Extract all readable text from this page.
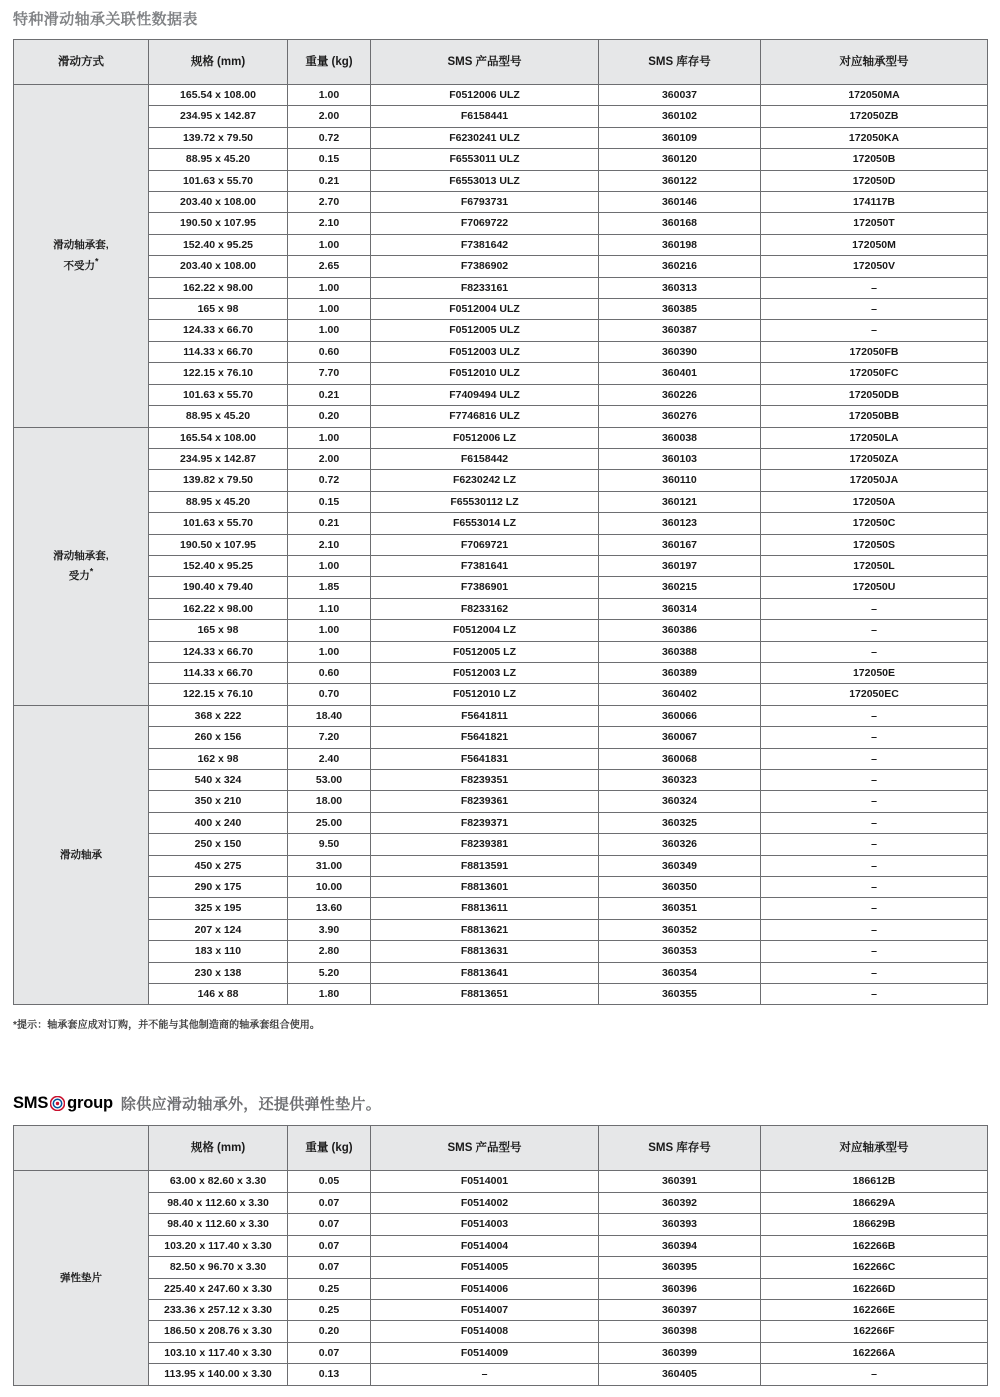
特种滑动轴承关联性数据表
滑动方式	规格 (mm)	重量 (kg)	SMS 产品型号	SMS 库存号	对应轴承型号
滑动轴承套,
不受力*	165.54 x 108.00	1.00	F0512006 ULZ	360037	172050MA
	234.95 x 142.87	2.00	F6158441	360102	172050ZB
	139.72 x 79.50	0.72	F6230241 ULZ	360109	172050KA
	88.95 x 45.20	0.15	F6553011 ULZ	360120	172050B
	101.63 x 55.70	0.21	F6553013 ULZ	360122	172050D
	203.40 x 108.00	2.70	F6793731	360146	174117B
	190.50 x 107.95	2.10	F7069722	360168	172050T
	152.40 x 95.25	1.00	F7381642	360198	172050M
	203.40 x 108.00	2.65	F7386902	360216	172050V
	162.22 x 98.00	1.00	F8233161	360313	–
	165 x 98	1.00	F0512004 ULZ	360385	–
	124.33 x 66.70	1.00	F0512005 ULZ	360387	–
	114.33 x 66.70	0.60	F0512003 ULZ	360390	172050FB
	122.15 x 76.10	7.70	F0512010 ULZ	360401	172050FC
	101.63 x 55.70	0.21	F7409494 ULZ	360226	172050DB
	88.95 x 45.20	0.20	F7746816 ULZ	360276	172050BB
滑动轴承套,
受力*	165.54 x 108.00	1.00	F0512006 LZ	360038	172050LA
	234.95 x 142.87	2.00	F6158442	360103	172050ZA
	139.82 x 79.50	0.72	F6230242 LZ	360110	172050JA
	88.95 x 45.20	0.15	F65530112 LZ	360121	172050A
	101.63 x 55.70	0.21	F6553014 LZ	360123	172050C
	190.50 x 107.95	2.10	F7069721	360167	172050S
	152.40 x 95.25	1.00	F7381641	360197	172050L
	190.40 x 79.40	1.85	F7386901	360215	172050U
	162.22 x 98.00	1.10	F8233162	360314	–
	165 x 98	1.00	F0512004 LZ	360386	–
	124.33 x 66.70	1.00	F0512005 LZ	360388	–
	114.33 x 66.70	0.60	F0512003 LZ	360389	172050E
	122.15 x 76.10	0.70	F0512010 LZ	360402	172050EC
滑动轴承	368 x 222	18.40	F5641811	360066	–
	260 x 156	7.20	F5641821	360067	–
	162 x 98	2.40	F5641831	360068	–
	540 x 324	53.00	F8239351	360323	–
	350 x 210	18.00	F8239361	360324	–
	400 x 240	25.00	F8239371	360325	–
	250 x 150	9.50	F8239381	360326	–
	450 x 275	31.00	F8813591	360349	–
	290 x 175	10.00	F8813601	360350	–
	325 x 195	13.60	F8813611	360351	–
	207 x 124	3.90	F8813621	360352	–
	183 x 110	2.80	F8813631	360353	–
	230 x 138	5.20	F8813641	360354	–
	146 x 88	1.80	F8813651	360355	–
*提示：轴承套应成对订购，并不能与其他制造商的轴承套组合使用。
SMS group 除供应滑动轴承外，还提供弹性垫片。
	规格 (mm)	重量 (kg)	SMS 产品型号	SMS 库存号	对应轴承型号
弹性垫片	63.00 x 82.60 x 3.30	0.05	F0514001	360391	186612B
	98.40 x 112.60 x 3.30	0.07	F0514002	360392	186629A
	98.40 x 112.60 x 3.30	0.07	F0514003	360393	186629B
	103.20 x 117.40 x 3.30	0.07	F0514004	360394	162266B
	82.50 x 96.70 x 3.30	0.07	F0514005	360395	162266C
	225.40 x 247.60 x 3.30	0.25	F0514006	360396	162266D
	233.36 x 257.12 x 3.30	0.25	F0514007	360397	162266E
	186.50 x 208.76 x 3.30	0.20	F0514008	360398	162266F
	103.10 x 117.40 x 3.30	0.07	F0514009	360399	162266A
	113.95 x 140.00 x 3.30	0.13	–	360405	–
